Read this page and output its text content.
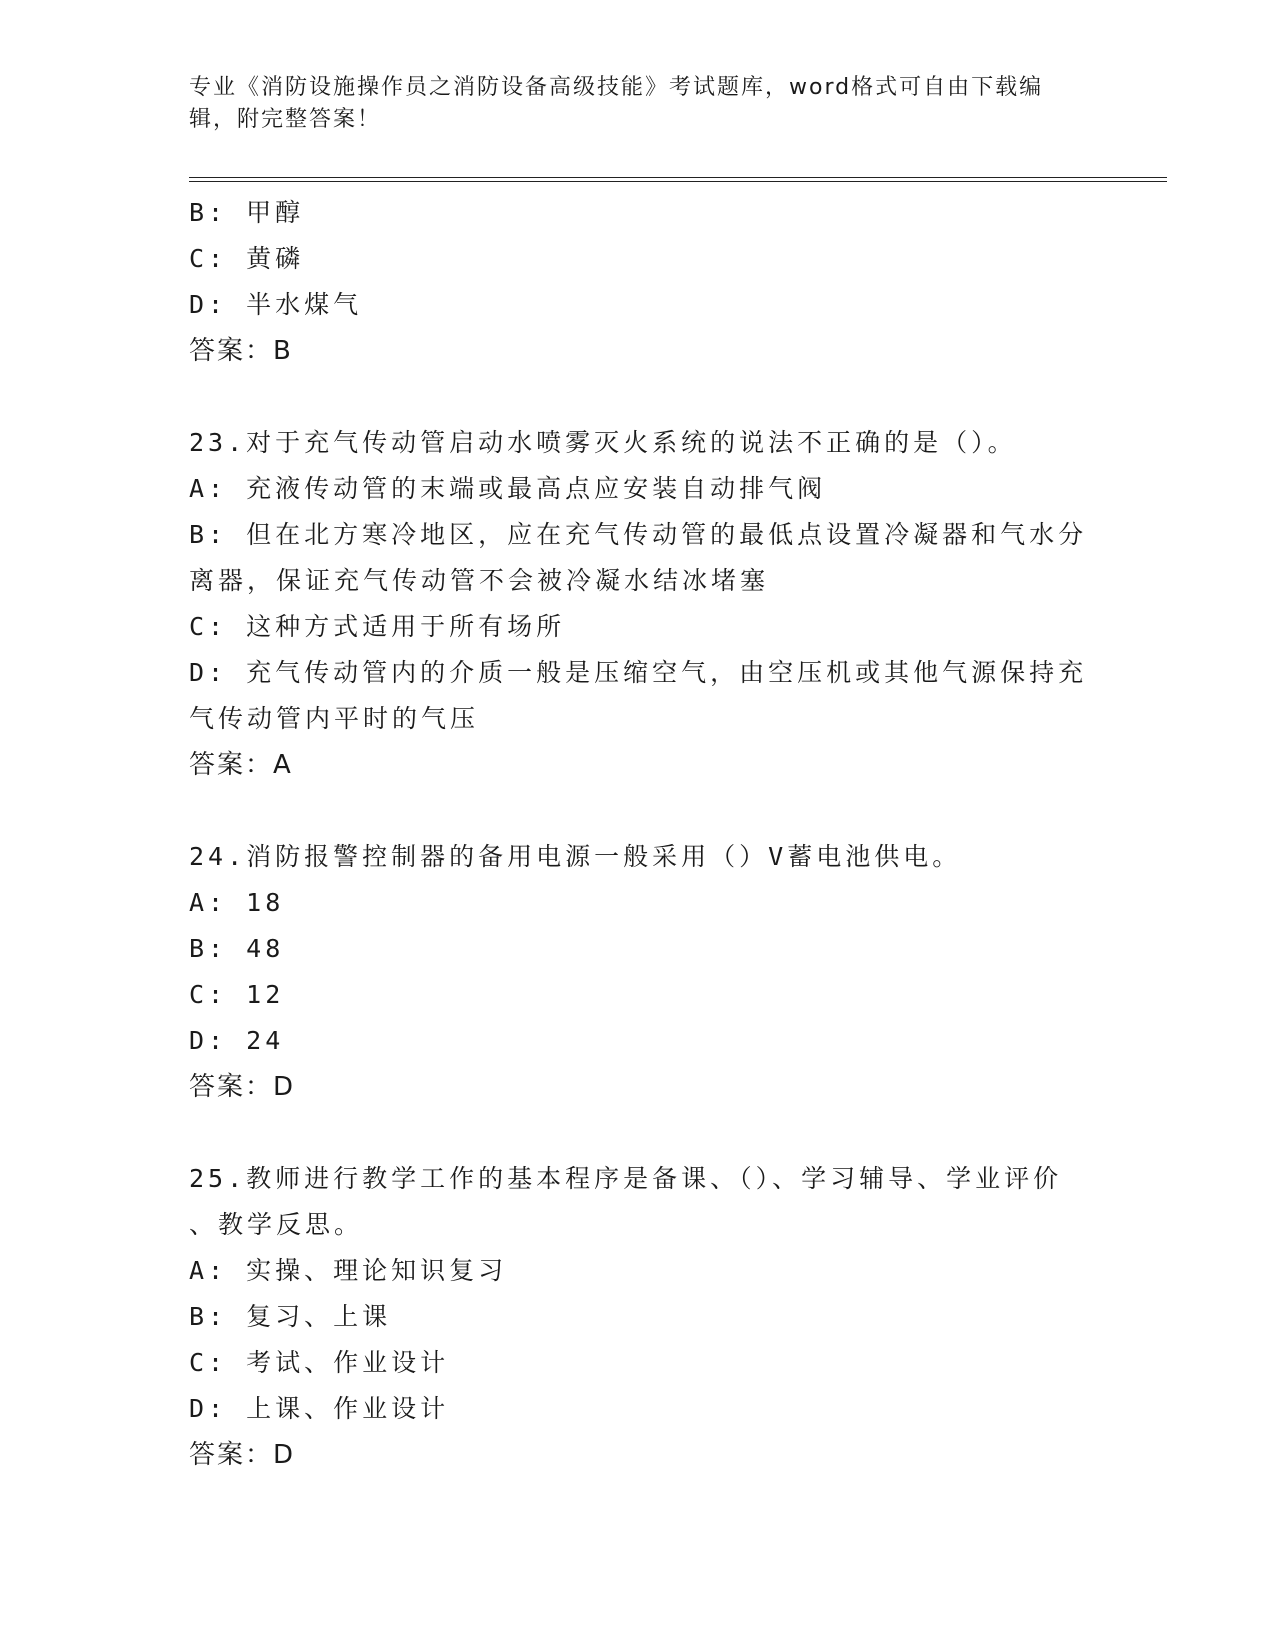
专业《消防设施操作员之消防设备高级技能》考试题库，word格式可自由下载编辑，附完整答案！
B: 甲醇
C: 黄磷
D: 半水煤气
答案：B
23.对于充气传动管启动水喷雾灭火系统的说法不正确的是（）。
A: 充液传动管的末端或最高点应安装自动排气阀
B: 但在北方寒冷地区，应在充气传动管的最低点设置冷凝器和气水分
离器，保证充气传动管不会被冷凝水结冰堵塞
C: 这种方式适用于所有场所
D: 充气传动管内的介质一般是压缩空气，由空压机或其他气源保持充
气传动管内平时的气压
答案：A
24.消防报警控制器的备用电源一般采用（）V蓄电池供电。
A: 18
B: 48
C: 12
D: 24
答案：D
25.教师进行教学工作的基本程序是备课、（）、学习辅导、学业评价
、教学反思。
A: 实操、理论知识复习
B: 复习、上课
C: 考试、作业设计
D: 上课、作业设计
答案：D
